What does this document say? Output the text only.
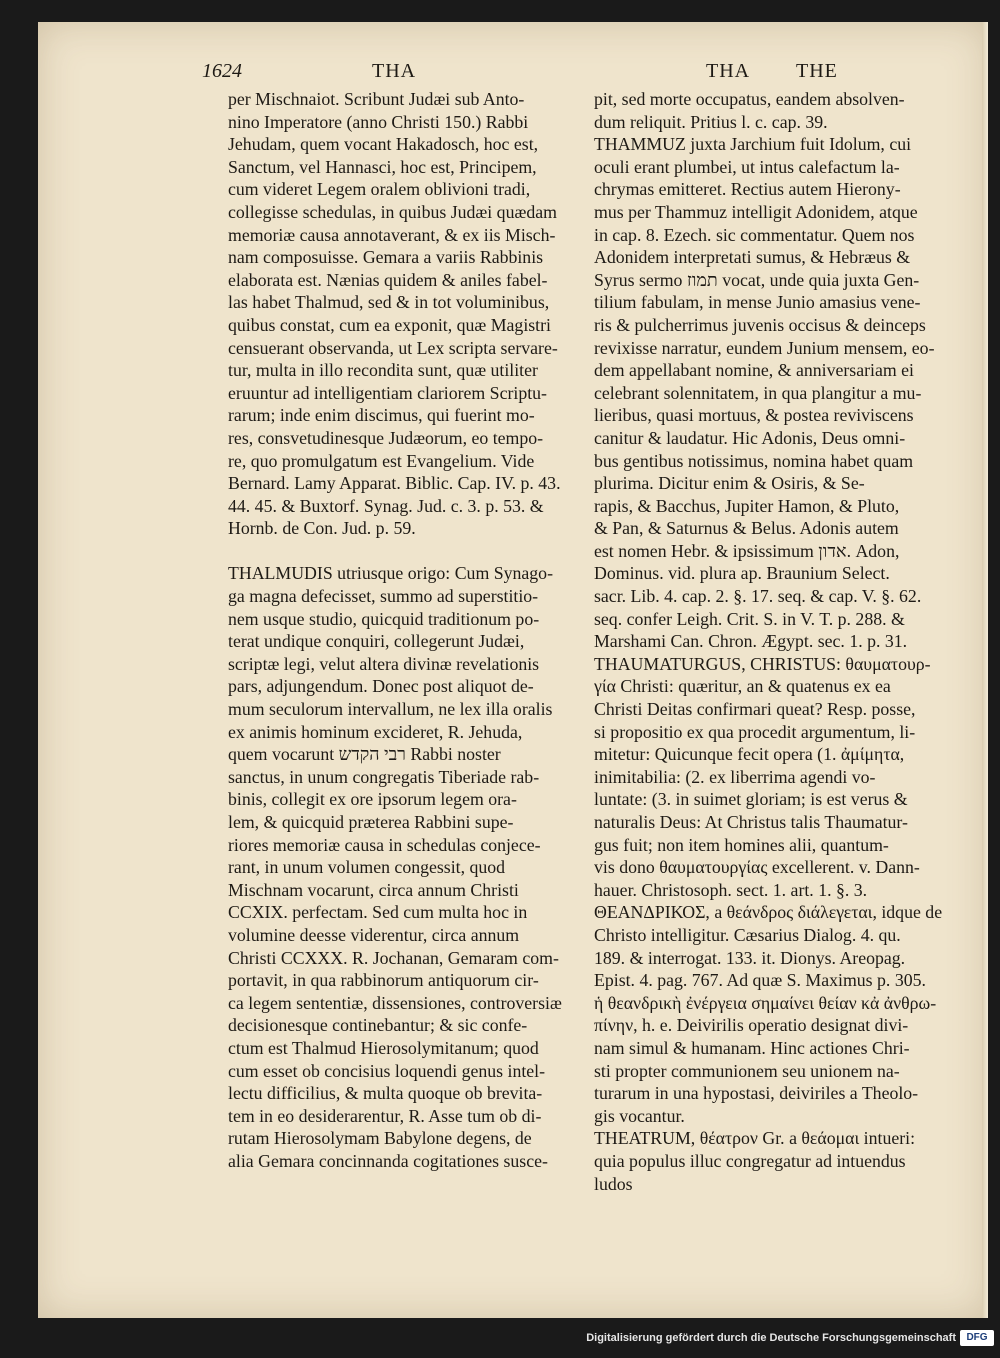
1624	THA	THA THE
per Mischnaiot. Scribunt Judæi sub Anto-
nino Imperatore (anno Christi 150.) Rabbi
Jehudam, quem vocant Hakadosch, hoc est,
Sanctum, vel Hannasci, hoc est, Principem,
cum videret Legem oralem oblivioni tradi,
collegisse schedulas, in quibus Judæi quædam
memoriæ causa annotaverant, & ex iis Misch-
nam composuisse. Gemara a variis Rabbinis
elaborata est. Nænias quidem & aniles fabel-
las habet Thalmud, sed & in tot voluminibus,
quibus constat, cum ea exponit, quæ Magistri
censuerant observanda, ut Lex scripta servare-
tur, multa in illo recondita sunt, quæ utiliter
eruuntur ad intelligentiam clariorem Scriptu-
rarum; inde enim discimus, qui fuerint mo-
res, consvetudinesque Judæorum, eo tempo-
re, quo promulgatum est Evangelium. Vide
Bernard. Lamy Apparat. Biblic. Cap. IV. p. 43.
44. 45. & Buxtorf. Synag. Jud. c. 3. p. 53. &
Hornb. de Con. Jud. p. 59.
THALMUDIS utriusque origo: Cum Synago-
ga magna defecisset, summo ad superstitio-
nem usque studio, quicquid traditionum po-
terat undique conquiri, collegerunt Judæi,
scriptæ legi, velut altera divinæ revelationis
pars, adjungendum. Donec post aliquot de-
mum seculorum intervallum, ne lex illa oralis
ex animis hominum excideret, R. Jehuda,
quem vocarunt רבי הקדש Rabbi noster
sanctus, in unum congregatis Tiberiade rab-
binis, collegit ex ore ipsorum legem ora-
lem, & quicquid præterea Rabbini supe-
riores memoriæ causa in schedulas conjece-
rant, in unum volumen congessit, quod
Mischnam vocarunt, circa annum Christi
CCXIX. perfectam. Sed cum multa hoc in
volumine deesse viderentur, circa annum
Christi CCXXX. R. Jochanan, Gemaram com-
portavit, in qua rabbinorum antiquorum cir-
ca legem sententiæ, dissensiones, controversiæ
decisionesque continebantur; & sic confe-
ctum est Thalmud Hierosolymitanum; quod
cum esset ob concisius loquendi genus intel-
lectu difficilius, & multa quoque ob brevita-
tem in eo desiderarentur, R. Asse tum ob di-
rutam Hierosolymam Babylone degens, de
alia Gemara concinnanda cogitationes susce-
pit, sed morte occupatus, eandem absolven-
dum reliquit. Pritius l. c. cap. 39.
THAMMUZ juxta Jarchium fuit Idolum, cui
oculi erant plumbei, ut intus calefactum la-
chrymas emitteret. Rectius autem Hierony-
mus per Thammuz intelligit Adonidem, atque
in cap. 8. Ezech. sic commentatur. Quem nos
Adonidem interpretati sumus, & Hebræus &
Syrus sermo תמוז vocat, unde quia juxta Gen-
tilium fabulam, in mense Junio amasius vene-
ris & pulcherrimus juvenis occisus & deinceps
revixisse narratur, eundem Junium mensem, eo-
dem appellabant nomine, & anniversariam ei
celebrant solennitatem, in qua plangitur a mu-
lieribus, quasi mortuus, & postea reviviscens
canitur & laudatur. Hic Adonis, Deus omni-
bus gentibus notissimus, nomina habet quam
plurima. Dicitur enim & Osiris, & Se-
rapis, & Bacchus, Jupiter Hamon, & Pluto,
& Pan, & Saturnus & Belus. Adonis autem
est nomen Hebr. & ipsissimum אדון. Adon,
Dominus. vid. plura ap. Braunium Select.
sacr. Lib. 4. cap. 2. §. 17. seq. & cap. V. §. 62.
seq. confer Leigh. Crit. S. in V. T. p. 288. &
Marshami Can. Chron. Ægypt. sec. 1. p. 31.
THAUMATURGUS, CHRISTUS: θαυματουρ-
γία Christi: quæritur, an & quatenus ex ea
Christi Deitas confirmari queat? Resp. posse,
si propositio ex qua procedit argumentum, li-
mitetur: Quicunque fecit opera (1. ἀμίμητα,
inimitabilia: (2. ex liberrima agendi vo-
luntate: (3. in suimet gloriam; is est verus &
naturalis Deus: At Christus talis Thaumatur-
gus fuit; non item homines alii, quantum-
vis dono θαυματουργίας excellerent. v. Dann-
hauer. Christosoph. sect. 1. art. 1. §. 3.
ΘΕΑΝΔΡΙΚΟΣ, a θεάνδρος διάλεγεται, idque de
Christo intelligitur. Cæsarius Dialog. 4. qu.
189. & interrogat. 133. it. Dionys. Areopag.
Epist. 4. pag. 767. Ad quæ S. Maximus p. 305.
ἡ θεανδρικὴ ἐνέργεια σημαίνει θείαν κἀ ἀνθρω-
πίνην, h. e. Deivirilis operatio designat divi-
nam simul & humanam. Hinc actiones Chri-
sti propter communionem seu unionem na-
turarum in una hypostasi, deiviriles a Theolo-
gis vocantur.
THEATRUM, θέατρον Gr. a θεάομαι intueri:
quia populus illuc congregatur ad intuendus
ludos
Digitalisierung gefördert durch die Deutsche Forschungsgemeinschaft	DFG
